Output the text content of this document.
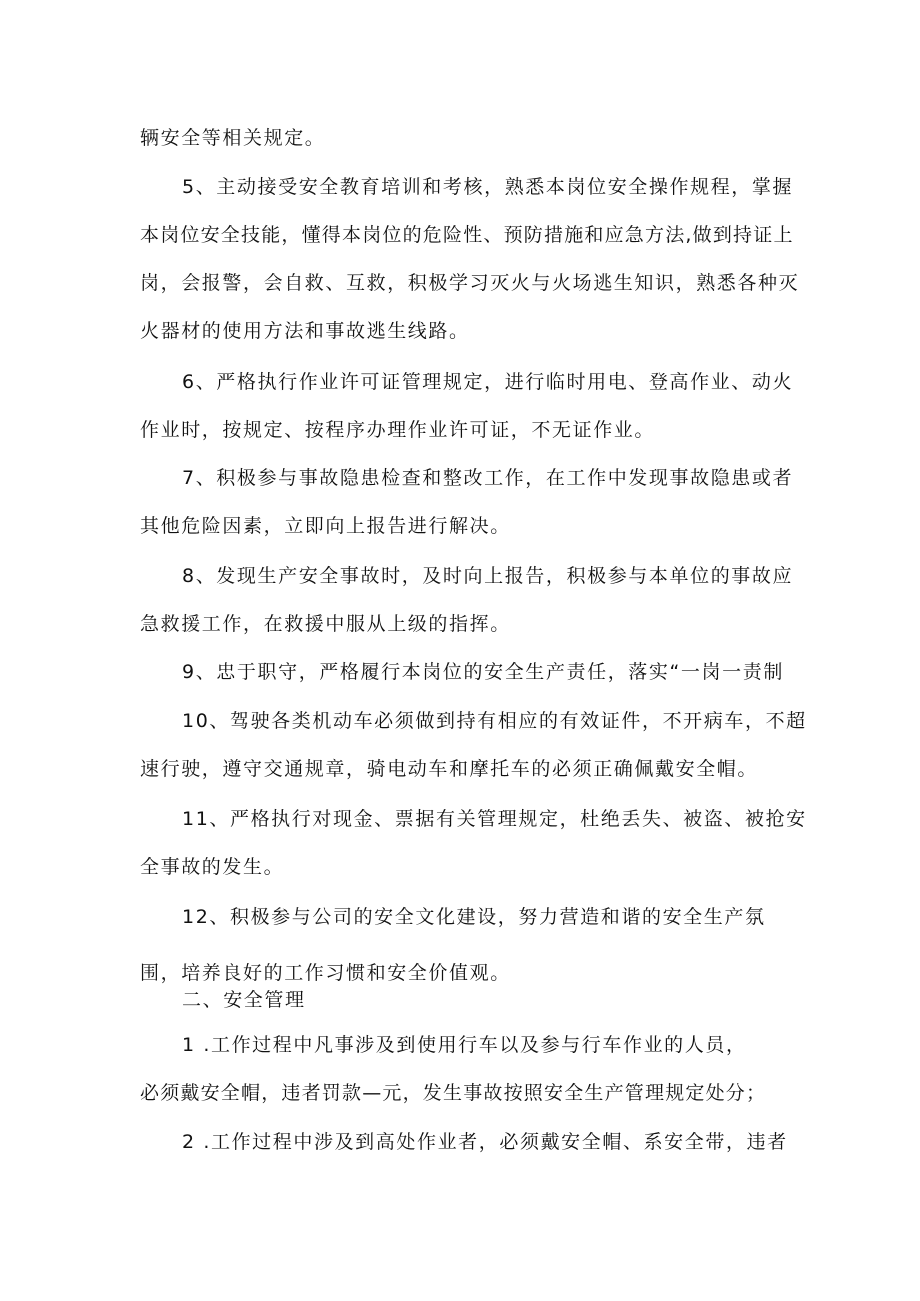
辆安全等相关规定。
5、主动接受安全教育培训和考核，熟悉本岗位安全操作规程，掌握
本岗位安全技能，懂得本岗位的危险性、预防措施和应急方法,做到持证上
岗，会报警，会自救、互救，积极学习灭火与火场逃生知识，熟悉各种灭
火器材的使用方法和事故逃生线路。
6、严格执行作业许可证管理规定，进行临时用电、登高作业、动火
作业时，按规定、按程序办理作业许可证，不无证作业。
7、积极参与事故隐患检查和整改工作，在工作中发现事故隐患或者
其他危险因素，立即向上报告进行解决。
8、发现生产安全事故时，及时向上报告，积极参与本单位的事故应
急救援工作，在救援中服从上级的指挥。
9、忠于职守，严格履行本岗位的安全生产责任，落实“一岗一责制
10、驾驶各类机动车必须做到持有相应的有效证件，不开病车，不超
速行驶，遵守交通规章，骑电动车和摩托车的必须正确佩戴安全帽。
11、严格执行对现金、票据有关管理规定，杜绝丢失、被盗、被抢安
全事故的发生。
12、积极参与公司的安全文化建设，努力营造和谐的安全生产氛
围，培养良好的工作习惯和安全价值观。
二、安全管理
1 .工作过程中凡事涉及到使用行车以及参与行车作业的人员，
必须戴安全帽，违者罚款—元，发生事故按照安全生产管理规定处分；
2 .工作过程中涉及到高处作业者，必须戴安全帽、系安全带，违者
